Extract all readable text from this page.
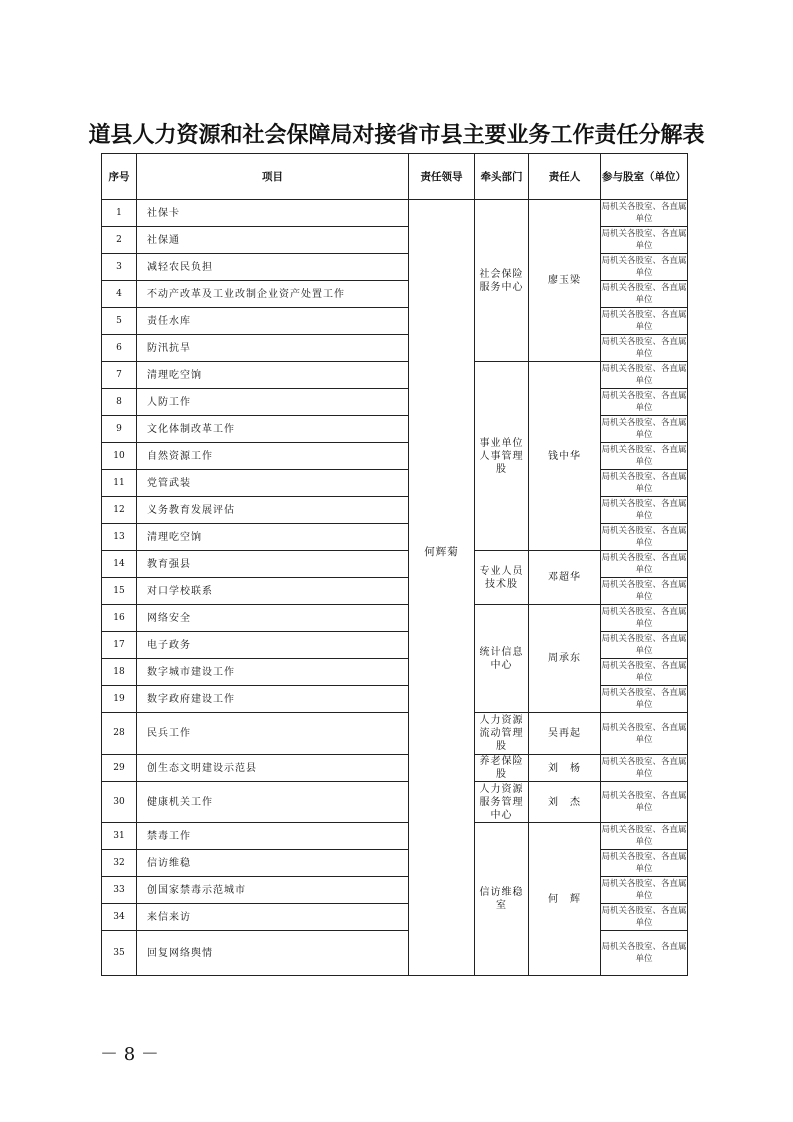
道县人力资源和社会保障局对接省市县主要业务工作责任分解表
序号	项目	责任领导	牵头部门	责任人	参与股室（单位）
1	社保卡	何辉菊	社会保险服务中心	廖玉梁	局机关各股室、各直属单位
2	社保通				局机关各股室、各直属单位
3	减轻农民负担				局机关各股室、各直属单位
4	不动产改革及工业改制企业资产处置工作				局机关各股室、各直属单位
5	责任水库				局机关各股室、各直属单位
6	防汛抗旱				局机关各股室、各直属单位
7	清理吃空饷		事业单位人事管理股	钱中华	局机关各股室、各直属单位
8	人防工作				局机关各股室、各直属单位
9	文化体制改革工作				局机关各股室、各直属单位
10	自然资源工作				局机关各股室、各直属单位
11	党管武装				局机关各股室、各直属单位
12	义务教育发展评估				局机关各股室、各直属单位
13	清理吃空饷				局机关各股室、各直属单位
14	教育强县		专业人员技术股	邓超华	局机关各股室、各直属单位
15	对口学校联系				局机关各股室、各直属单位
16	网络安全		统计信息中心	周承东	局机关各股室、各直属单位
17	电子政务				局机关各股室、各直属单位
18	数字城市建设工作				局机关各股室、各直属单位
19	数字政府建设工作				局机关各股室、各直属单位
28	民兵工作		人力资源流动管理股	吴再起	局机关各股室、各直属单位
29	创生态文明建设示范县		养老保险股	刘　杨	局机关各股室、各直属单位
30	健康机关工作		人力资源服务管理中心	刘　杰	局机关各股室、各直属单位
31	禁毒工作		信访维稳室	何　辉	局机关各股室、各直属单位
32	信访维稳				局机关各股室、各直属单位
33	创国家禁毒示范城市				局机关各股室、各直属单位
34	来信来访				局机关各股室、各直属单位
35	回复网络舆情				局机关各股室、各直属单位
－ 8 －
